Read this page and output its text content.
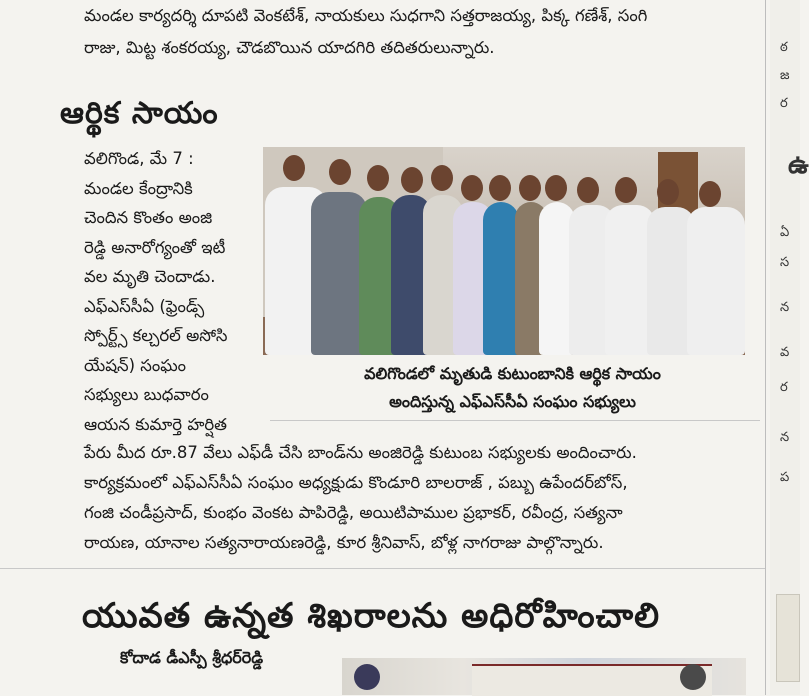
ఠ
జ
ర
ఉ
ఏ
స
న
వ
ర
న
ప
మండల కార్యదర్శి దూపటి వెంకటేశ్, నాయకులు సుధగాని సత్తరాజయ్య, పిక్క గణేశ్, సంగి
రాజు, మిట్ట శంకరయ్య, చౌడబొయిన యాదగిరి తదితరులున్నారు.
ఆర్థిక సాయం
వలిగొండ, మే 7 :
మండల కేంద్రానికి
చెందిన కొంతం అంజి
రెడ్డి అనారోగ్యంతో ఇటీ
వల మృతి చెందాడు.
ఎఫ్ఎస్‌సీఏ (ఫ్రెండ్స్
స్పోర్ట్స్ కల్చరల్ అసోసి
యేషన్) సంఘం
సభ్యులు బుధవారం
ఆయన కుమార్తె హర్షిత
వలిగొండలో మృతుడి కుటుంబానికి ఆర్థిక సాయం
అందిస్తున్న ఎఫ్ఎస్‌సీఏ సంఘం సభ్యులు
పేరు మీద రూ.87 వేలు ఎఫ్‌డీ చేసి బాండ్‌ను అంజిరెడ్డి కుటుంబ సభ్యులకు అందించారు.
కార్యక్రమంలో ఎఫ్ఎస్‌సీఏ సంఘం అధ్యక్షుడు కొండూరి బాలరాజ్ , పబ్బు ఉపేందర్‌బోస్,
గంజి చండీప్రసాద్, కుంభం వెంకట పాపిరెడ్డి, అయిటిపాముల ప్రభాకర్, రవీంద్ర, సత్యనా
రాయణ, యానాల సత్యనారాయణరెడ్డి, కూర శ్రీనివాస్, బోళ్ల నాగరాజు పాల్గొన్నారు.
యువత ఉన్నత శిఖరాలను అధిరోహించాలి
కోదాడ డీఎస్పీ శ్రీధర్‌రెడ్డి
